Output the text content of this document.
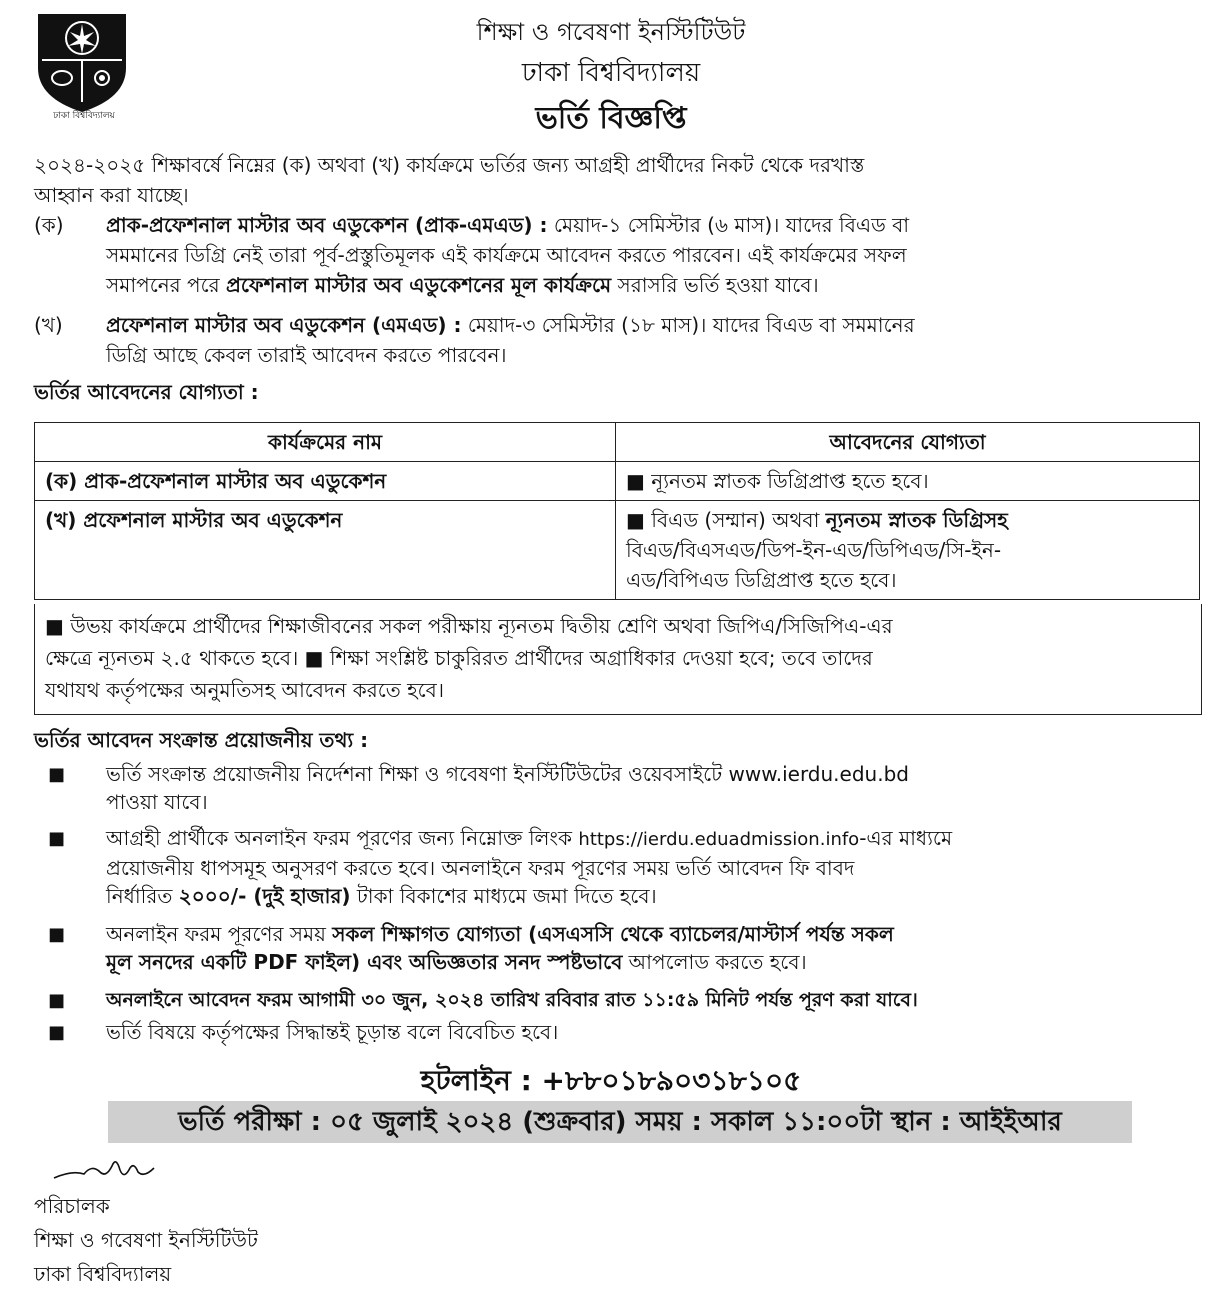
ঢাকা বিশ্ববিদ্যালয়
শিক্ষা ও গবেষণা ইনস্টিটিউট
ঢাকা বিশ্ববিদ্যালয়
ভর্তি বিজ্ঞপ্তি

২০২৪-২০২৫ শিক্ষাবর্ষে নিম্নের (ক) অথবা (খ) কার্যক্রমে ভর্তির জন্য আগ্রহী প্রার্থীদের নিকট থেকে দরখাস্ত

আহ্বান করা যাচ্ছে।

(ক) প্রাক-প্রফেশনাল মাস্টার অব এডুকেশন (প্রাক-এমএড) : মেয়াদ-১ সেমিস্টার (৬ মাস)। যাদের বিএড বা

সমমানের ডিগ্রি নেই তারা পূর্ব-প্রস্তুতিমূলক এই কার্যক্রমে আবেদন করতে পারবেন। এই কার্যক্রমের সফল

সমাপনের পরে প্রফেশনাল মাস্টার অব এডুকেশনের মূল কার্যক্রমে সরাসরি ভর্তি হওয়া যাবে।

(খ) প্রফেশনাল মাস্টার অব এডুকেশন (এমএড) : মেয়াদ-৩ সেমিস্টার (১৮ মাস)। যাদের বিএড বা সমমানের

ডিগ্রি আছে কেবল তারাই আবেদন করতে পারবেন।

ভর্তির আবেদনের যোগ্যতা :
কার্যক্রমের নাম	আবেদনের যোগ্যতা
(ক) প্রাক-প্রফেশনাল মাস্টার অব এডুকেশন	■ ন্যূনতম স্নাতক ডিগ্রিপ্রাপ্ত হতে হবে।
(খ) প্রফেশনাল মাস্টার অব এডুকেশন	■ বিএড (সম্মান) অথবা ন্যূনতম স্নাতক ডিগ্রিসহ
বিএড/বিএসএড/ডিপ-ইন-এড/ডিপিএড/সি-ইন-
এড/বিপিএড ডিগ্রিপ্রাপ্ত হতে হবে।
■ উভয় কার্যক্রমে প্রার্থীদের শিক্ষাজীবনের সকল পরীক্ষায় ন্যূনতম দ্বিতীয় শ্রেণি অথবা জিপিএ/সিজিপিএ-এর
ক্ষেত্রে ন্যূনতম ২.৫ থাকতে হবে। ■ শিক্ষা সংশ্লিষ্ট চাকুরিরত প্রার্থীদের অগ্রাধিকার দেওয়া হবে; তবে তাদের
যথাযথ কর্তৃপক্ষের অনুমতিসহ আবেদন করতে হবে।
ভর্তির আবেদন সংক্রান্ত প্রয়োজনীয় তথ্য :
■ ভর্তি সংক্রান্ত প্রয়োজনীয় নির্দেশনা শিক্ষা ও গবেষণা ইনস্টিটিউটের ওয়েবসাইটে www.ierdu.edu.bd
পাওয়া যাবে।
■ আগ্রহী প্রার্থীকে অনলাইন ফরম পূরণের জন্য নিম্নোক্ত লিংক https://ierdu.eduadmission.info-এর মাধ্যমে
প্রয়োজনীয় ধাপসমূহ অনুসরণ করতে হবে। অনলাইনে ফরম পূরণের সময় ভর্তি আবেদন ফি বাবদ
নির্ধারিত ২০০০/- (দুই হাজার) টাকা বিকাশের মাধ্যমে জমা দিতে হবে।
■ অনলাইন ফরম পূরণের সময় সকল শিক্ষাগত যোগ্যতা (এসএসসি থেকে ব্যাচেলর/মাস্টার্স পর্যন্ত সকল
মূল সনদের একটি PDF ফাইল) এবং অভিজ্ঞতার সনদ স্পষ্টভাবে আপলোড করতে হবে।
■ অনলাইনে আবেদন ফরম আগামী ৩০ জুন, ২০২৪ তারিখ রবিবার রাত ১১:৫৯ মিনিট পর্যন্ত পূরণ করা যাবে।
■ ভর্তি বিষয়ে কর্তৃপক্ষের সিদ্ধান্তই চূড়ান্ত বলে বিবেচিত হবে।
হটলাইন : +৮৮০১৮৯০৩১৮১০৫
ভর্তি পরীক্ষা : ০৫ জুলাই ২০২৪ (শুক্রবার) সময় : সকাল ১১:০০টা স্থান : আইইআর
পরিচালক
শিক্ষা ও গবেষণা ইনস্টিটিউট
ঢাকা বিশ্ববিদ্যালয়
